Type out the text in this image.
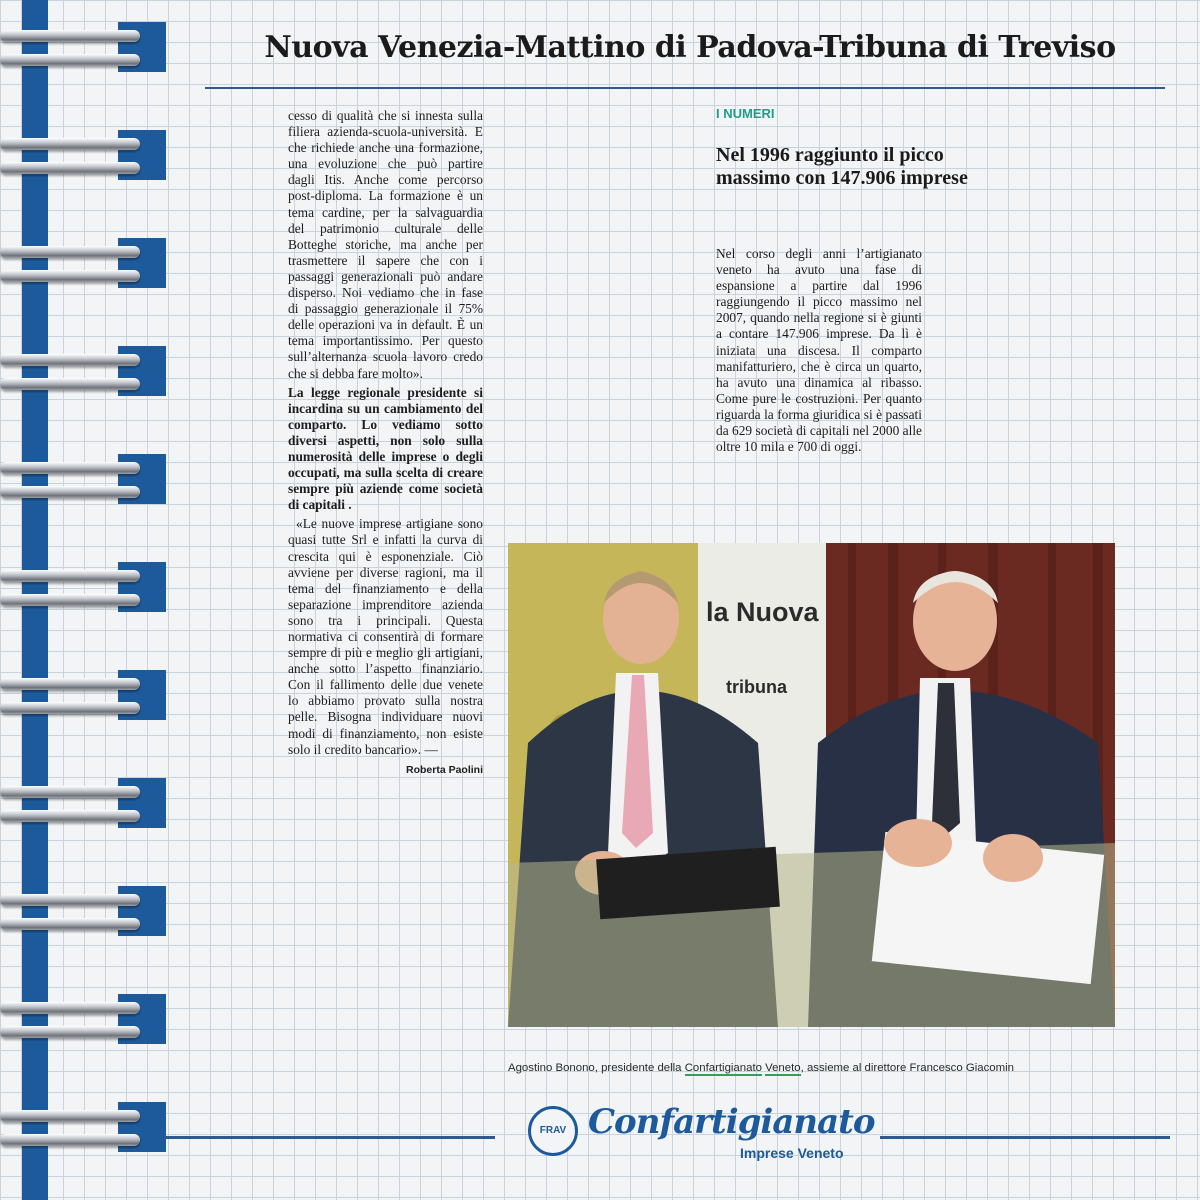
Nuova Venezia-Mattino di Padova-Tribuna di Treviso

cesso di qualità che si innesta sulla filiera azienda-scuola-università. E che richiede anche una formazione, una evoluzione che può partire dagli Itis. Anche come percorso post-diploma. La formazione è un tema cardine, per la salvaguardia del patrimonio culturale delle Botteghe storiche, ma anche per trasmettere il sapere che con i passaggi generazionali può andare disperso. Noi vediamo che in fase di passaggio generazionale il 75% delle operazioni va in default. È un tema importantissimo. Per questo sull’alternanza scuola lavoro credo che si debba fare molto».

La legge regionale presidente si incardina su un cambiamento del comparto. Lo vediamo sotto diversi aspetti, non solo sulla numerosità delle imprese o degli occupati, ma sulla scelta di creare sempre più aziende come società di capitali .

«Le nuove imprese artigiane sono quasi tutte Srl e infatti la curva di crescita qui è esponenziale. Ciò avviene per diverse ragioni, ma il tema del finanziamento e della separazione imprenditore azienda sono tra i principali. Questa normativa ci consentirà di formare sempre di più e meglio gli artigiani, anche sotto l’aspetto finanziario. Con il fallimento delle due venete lo abbiamo provato sulla nostra pelle. Bisogna individuare nuovi modi di finanziamento, non esiste solo il credito bancario». —

Roberta Paolini
I NUMERI
Nel 1996 raggiunto il picco massimo con 147.906 imprese
Nel corso degli anni l’artigianato veneto ha avuto una fase di espansione a partire dal 1996 raggiungendo il picco massimo nel 2007, quando nella regione si è giunti a contare 147.906 imprese. Da lì è iniziata una discesa. Il comparto manifatturiero, che è circa un quarto, ha avuto una dinamica al ribasso. Come pure le costruzioni. Per quanto riguarda la forma giuridica si è passati da 629 società di capitali nel 2000 alle oltre 10 mila e 700 di oggi.
la Nuova
tribuna
Agostino Bonono, presidente della Confartigianato Veneto, assieme al direttore Francesco Giacomin
FRAV Confartigianato
Imprese Veneto
